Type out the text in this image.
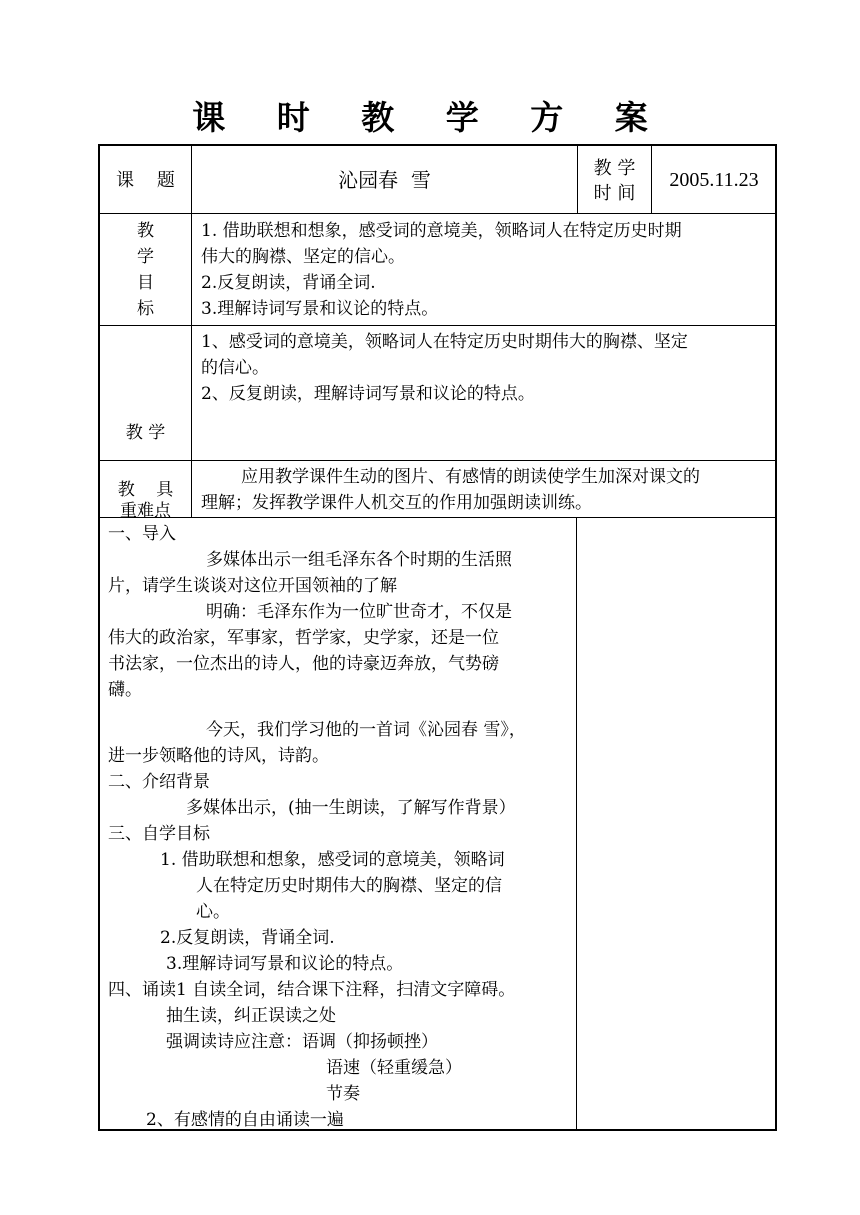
课 时 教 学 方 案
课    题	沁园春  雪	教 学
时 间
2005.11.23

教

学

目

标

1. 借助联想和想象，感受词的意境美，领略词人在特定历史时期

伟大的胸襟、坚定的信心。

2.反复朗读，背诵全词.

3.理解诗词写景和议论的特点。

教 学

重难点

1、感受词的意境美，领略词人在特定历史时期伟大的胸襟、坚定

的信心。

2、反复朗读，理解诗词写景和议论的特点。

教    具

应用教学课件生动的图片、有感情的朗读使学生加深对课文的

理解；发挥教学课件人机交互的作用加强朗读训练。

一、导入

多媒体出示一组毛泽东各个时期的生活照

片，请学生谈谈对这位开国领袖的了解

明确：毛泽东作为一位旷世奇才，不仅是

伟大的政治家，军事家，哲学家，史学家，还是一位

书法家，一位杰出的诗人，他的诗豪迈奔放，气势磅

礴。

今天，我们学习他的一首词《沁园春 雪》，

进一步领略他的诗风，诗韵。

二、介绍背景

多媒体出示，(抽一生朗读，了解写作背景）

三、自学目标

1. 借助联想和想象，感受词的意境美，领略词

人在特定历史时期伟大的胸襟、坚定的信

心。

2.反复朗读，背诵全词.

3.理解诗词写景和议论的特点。

四、诵读1 自读全词，结合课下注释，扫清文字障碍。

抽生读，纠正误读之处

强调读诗应注意：语调（抑扬顿挫）

语速（轻重缓急）

节奏

2、有感情的自由诵读一遍
